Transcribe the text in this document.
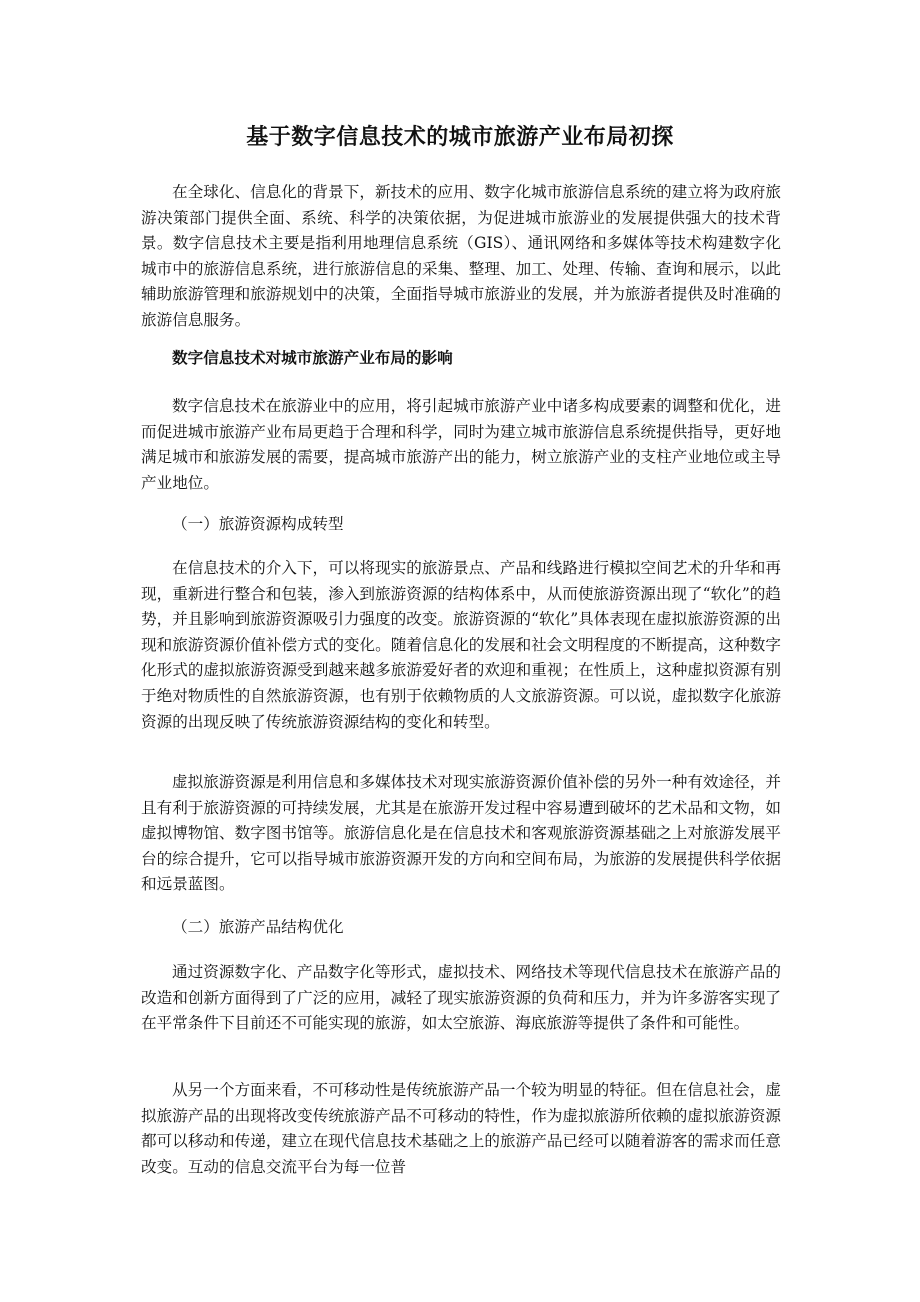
基于数字信息技术的城市旅游产业布局初探

在全球化、信息化的背景下，新技术的应用、数字化城市旅游信息系统的建立将为政府旅游决策部门提供全面、系统、科学的决策依据，为促进城市旅游业的发展提供强大的技术背景。数字信息技术主要是指利用地理信息系统（GIS）、通讯网络和多媒体等技术构建数字化城市中的旅游信息系统，进行旅游信息的采集、整理、加工、处理、传输、查询和展示，以此辅助旅游管理和旅游规划中的决策，全面指导城市旅游业的发展，并为旅游者提供及时准确的旅游信息服务。

数字信息技术对城市旅游产业布局的影响

数字信息技术在旅游业中的应用，将引起城市旅游产业中诸多构成要素的调整和优化，进而促进城市旅游产业布局更趋于合理和科学，同时为建立城市旅游信息系统提供指导，更好地满足城市和旅游发展的需要，提高城市旅游产出的能力，树立旅游产业的支柱产业地位或主导产业地位。

（一）旅游资源构成转型

在信息技术的介入下，可以将现实的旅游景点、产品和线路进行模拟空间艺术的升华和再现，重新进行整合和包装，渗入到旅游资源的结构体系中，从而使旅游资源出现了“软化”的趋势，并且影响到旅游资源吸引力强度的改变。旅游资源的“软化”具体表现在虚拟旅游资源的出现和旅游资源价值补偿方式的变化。随着信息化的发展和社会文明程度的不断提高，这种数字化形式的虚拟旅游资源受到越来越多旅游爱好者的欢迎和重视；在性质上，这种虚拟资源有别于绝对物质性的自然旅游资源，也有别于依赖物质的人文旅游资源。可以说，虚拟数字化旅游资源的出现反映了传统旅游资源结构的变化和转型。

虚拟旅游资源是利用信息和多媒体技术对现实旅游资源价值补偿的另外一种有效途径，并且有利于旅游资源的可持续发展，尤其是在旅游开发过程中容易遭到破坏的艺术品和文物，如虚拟博物馆、数字图书馆等。旅游信息化是在信息技术和客观旅游资源基础之上对旅游发展平台的综合提升，它可以指导城市旅游资源开发的方向和空间布局，为旅游的发展提供科学依据和远景蓝图。

（二）旅游产品结构优化

通过资源数字化、产品数字化等形式，虚拟技术、网络技术等现代信息技术在旅游产品的改造和创新方面得到了广泛的应用，减轻了现实旅游资源的负荷和压力，并为许多游客实现了在平常条件下目前还不可能实现的旅游，如太空旅游、海底旅游等提供了条件和可能性。

从另一个方面来看，不可移动性是传统旅游产品一个较为明显的特征。但在信息社会，虚拟旅游产品的出现将改变传统旅游产品不可移动的特性，作为虚拟旅游所依赖的虚拟旅游资源都可以移动和传递，建立在现代信息技术基础之上的旅游产品已经可以随着游客的需求而任意改变。互动的信息交流平台为每一位普
